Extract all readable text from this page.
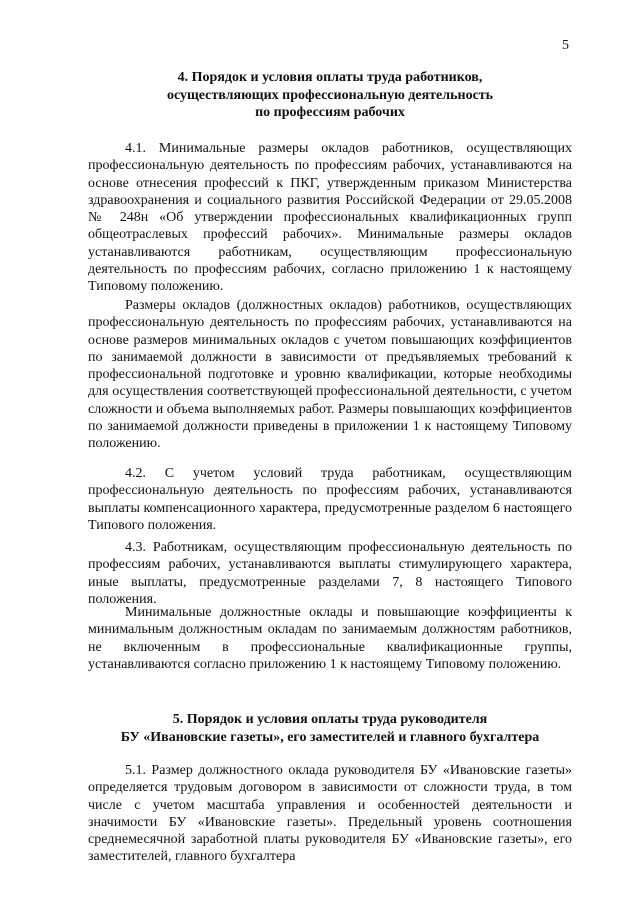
5
4. Порядок и условия оплаты труда работников,
осуществляющих профессиональную деятельность
по профессиям рабочих

4.1. Минимальные размеры окладов работников, осуществляющих профессиональную деятельность по профессиям рабочих, устанавливаются на основе отнесения профессий к ПКГ, утвержденным приказом Министерства здравоохранения и социального развития Российской Федерации от 29.05.2008 № 248н «Об утверждении профессиональных квалификационных групп общеотраслевых профессий рабочих». Минимальные размеры окладов устанавливаются работникам, осуществляющим профессиональную деятельность по профессиям рабочих, согласно приложению 1 к настоящему Типовому положению.

Размеры окладов (должностных окладов) работников, осуществляющих профессиональную деятельность по профессиям рабочих, устанавливаются на основе размеров минимальных окладов с учетом повышающих коэффициентов по занимаемой должности в зависимости от предъявляемых требований к профессиональной подготовке и уровню квалификации, которые необходимы для осуществления соответствующей профессиональной деятельности, с учетом сложности и объема выполняемых работ. Размеры повышающих коэффициентов по занимаемой должности приведены в приложении 1 к настоящему Типовому положению.

4.2. С учетом условий труда работникам, осуществляющим профессиональную деятельность по профессиям рабочих, устанавливаются выплаты компенсационного характера, предусмотренные разделом 6 настоящего Типового положения.

4.3. Работникам, осуществляющим профессиональную деятельность по профессиям рабочих, устанавливаются выплаты стимулирующего характера, иные выплаты, предусмотренные разделами 7, 8 настоящего Типового положения.

Минимальные должностные оклады и повышающие коэффициенты к минимальным должностным окладам по занимаемым должностям работников, не включенным в профессиональные квалификационные группы, устанавливаются согласно приложению 1 к настоящему Типовому положению.

5. Порядок и условия оплаты труда руководителя
БУ «Ивановские газеты», его заместителей и главного бухгалтера

5.1. Размер должностного оклада руководителя БУ «Ивановские газеты» определяется трудовым договором в зависимости от сложности труда, в том числе с учетом масштаба управления и особенностей деятельности и значимости БУ «Ивановские газеты». Предельный уровень соотношения среднемесячной заработной платы руководителя БУ «Ивановские газеты», его заместителей, главного бухгалтера
